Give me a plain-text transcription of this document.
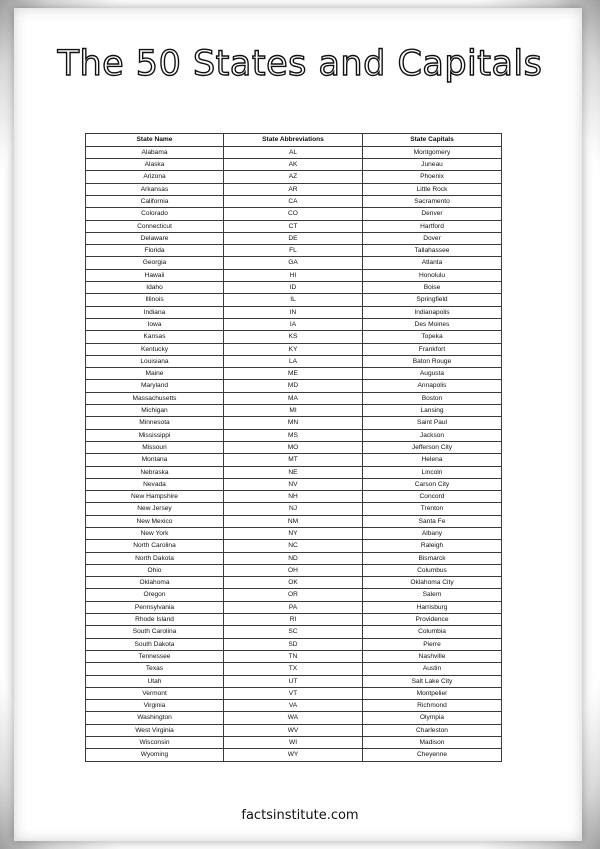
The 50 States and Capitals
State Name	State Abbreviations	State Capitals
Alabama	AL	Montgomery
Alaska	AK	Juneau
Arizona	AZ	Phoenix
Arkansas	AR	Little Rock
California	CA	Sacramento
Colorado	CO	Denver
Connecticut	CT	Hartford
Delaware	DE	Dover
Florida	FL	Tallahassee
Georgia	GA	Atlanta
Hawaii	HI	Honolulu
Idaho	ID	Boise
Illinois	IL	Springfield
Indiana	IN	Indianapolis
Iowa	IA	Des Moines
Kansas	KS	Topeka
Kentucky	KY	Frankfort
Louisiana	LA	Baton Rouge
Maine	ME	Augusta
Maryland	MD	Annapolis
Massachusetts	MA	Boston
Michigan	MI	Lansing
Minnesota	MN	Saint Paul
Mississippi	MS	Jackson
Missouri	MO	Jefferson City
Montana	MT	Helena
Nebraska	NE	Lincoln
Nevada	NV	Carson City
New Hampshire	NH	Concord
New Jersey	NJ	Trenton
New Mexico	NM	Santa Fe
New York	NY	Albany
North Carolina	NC	Raleigh
North Dakota	ND	Bismarck
Ohio	OH	Columbus
Oklahoma	OK	Oklahoma City
Oregon	OR	Salem
Pennsylvania	PA	Harrisburg
Rhode Island	RI	Providence
South Carolina	SC	Columbia
South Dakota	SD	Pierre
Tennessee	TN	Nashville
Texas	TX	Austin
Utah	UT	Salt Lake City
Vermont	VT	Montpelier
Virginia	VA	Richmond
Washington	WA	Olympia
West Virginia	WV	Charleston
Wisconsin	WI	Madison
Wyoming	WY	Cheyenne
factsinstitute.com
